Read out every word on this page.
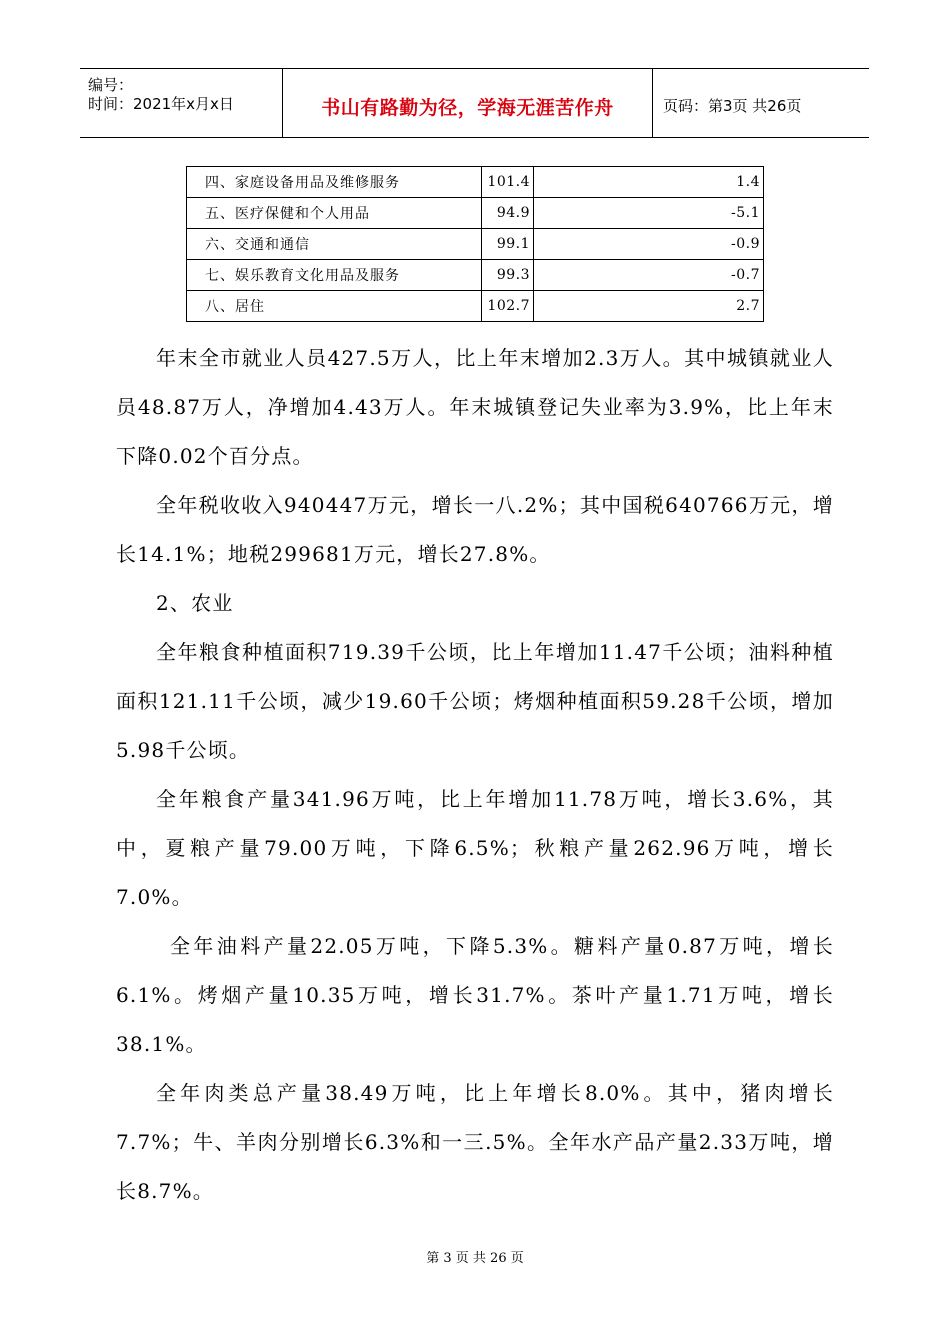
编号：
时间：2021年x月x日	书山有路勤为径，学海无涯苦作舟	页码：第3页 共26页
四、家庭设备用品及维修服务	101.4	1.4
五、医疗保健和个人用品	94.9	-5.1
六、交通和通信	99.1	-0.9
七、娱乐教育文化用品及服务	99.3	-0.7
八、居住	102.7	2.7

年末全市就业人员427.5万人，比上年末增加2.3万人。其中城镇就业人员48.87万人，净增加4.43万人。年末城镇登记失业率为3.9%，比上年末下降0.02个百分点。

全年税收收入940447万元，增长一八.2%；其中国税640766万元，增长14.1%；地税299681万元，增长27.8%。

2、农业

全年粮食种植面积719.39千公顷，比上年增加11.47千公顷；油料种植面积121.11千公顷，减少19.60千公顷；烤烟种植面积59.28千公顷，增加5.98千公顷。

全年粮食产量341.96万吨，比上年增加11.78万吨，增长3.6%，其中，夏粮产量79.00万吨，下降6.5%；秋粮产量262.96万吨，增长7.0%。

全年油料产量22.05万吨，下降5.3%。糖料产量0.87万吨，增长6.1%。烤烟产量10.35万吨，增长31.7%。茶叶产量1.71万吨，增长38.1%。

全年肉类总产量38.49万吨，比上年增长8.0%。其中，猪肉增长7.7%；牛、羊肉分别增长6.3%和一三.5%。全年水产品产量2.33万吨，增长8.7%。

第 3 页 共 26 页
